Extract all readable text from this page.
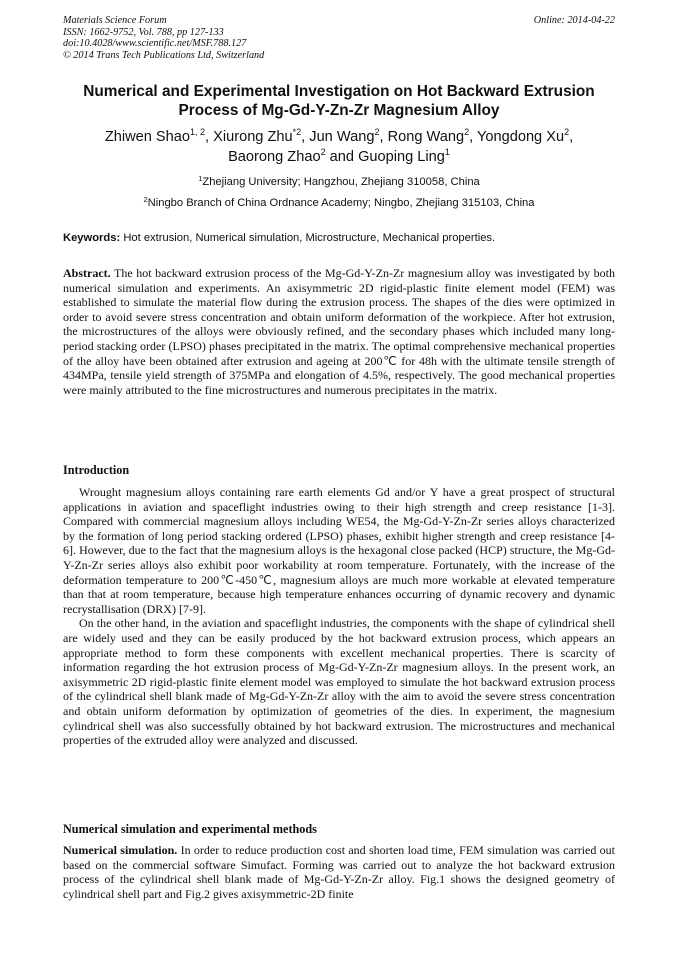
Materials Science Forum
ISSN: 1662-9752, Vol. 788, pp 127-133
doi:10.4028/www.scientific.net/MSF.788.127
© 2014 Trans Tech Publications Ltd, Switzerland
Online: 2014-04-22
Numerical and Experimental Investigation on Hot Backward Extrusion
Process of Mg-Gd-Y-Zn-Zr Magnesium Alloy
Zhiwen Shao$^{1, 2}$, Xiurong Zhu$^{*2}$, Jun Wang$^2$, Rong Wang$^2$, Yongdong Xu$^2$,
Baorong Zhao$^2$ and Guoping Ling$^1$
$^1$Zhejiang University; Hangzhou, Zhejiang 310058, China
$^2$Ningbo Branch of China Ordnance Academy; Ningbo, Zhejiang 315103, China
Keywords: Hot extrusion, Numerical simulation, Microstructure, Mechanical properties.

Abstract. The hot backward extrusion process of the Mg-Gd-Y-Zn-Zr magnesium alloy was investigated by both numerical simulation and experiments. An axisymmetric 2D rigid-plastic finite element model (FEM) was established to simulate the material flow during the extrusion process. The shapes of the dies were optimized in order to avoid severe stress concentration and obtain uniform deformation of the workpiece. After hot extrusion, the microstructures of the alloys were obviously refined, and the secondary phases which included many long-period stacking order (LPSO) phases precipitated in the matrix. The optimal comprehensive mechanical properties of the alloy have been obtained after extrusion and ageing at 200℃ for 48h with the ultimate tensile strength of 434MPa, tensile yield strength of 375MPa and elongation of 4.5%, respectively. The good mechanical properties were mainly attributed to the fine microstructures and numerous precipitates in the matrix.

Introduction

Wrought magnesium alloys containing rare earth elements Gd and/or Y have a great prospect of structural applications in aviation and spaceflight industries owing to their high strength and creep resistance [1-3]. Compared with commercial magnesium alloys including WE54, the Mg-Gd-Y-Zn-Zr series alloys characterized by the formation of long period stacking ordered (LPSO) phases, exhibit higher strength and creep resistance [4-6]. However, due to the fact that the magnesium alloys is the hexagonal close packed (HCP) structure, the Mg-Gd-Y-Zn-Zr series alloys also exhibit poor workability at room temperature. Fortunately, with the increase of the deformation temperature to 200℃-450℃, magnesium alloys are much more workable at elevated temperature than that at room temperature, because high temperature enhances occurring of dynamic recovery and dynamic recrystallisation (DRX) [7-9].

On the other hand, in the aviation and spaceflight industries, the components with the shape of cylindrical shell are widely used and they can be easily produced by the hot backward extrusion process, which appears an appropriate method to form these components with excellent mechanical properties. There is scarcity of information regarding the hot extrusion process of Mg-Gd-Y-Zn-Zr magnesium alloys. In the present work, an axisymmetric 2D rigid-plastic finite element model was employed to simulate the hot backward extrusion process of the cylindrical shell blank made of Mg-Gd-Y-Zn-Zr alloy with the aim to avoid the severe stress concentration and obtain uniform deformation by optimization of geometries of the dies. In experiment, the magnesium cylindrical shell was also successfully obtained by hot backward extrusion. The microstructures and mechanical properties of the extruded alloy were analyzed and discussed.

Numerical simulation and experimental methods

Numerical simulation. In order to reduce production cost and shorten load time, FEM simulation was carried out based on the commercial software Simufact. Forming was carried out to analyze the hot backward extrusion process of the cylindrical shell blank made of Mg-Gd-Y-Zn-Zr alloy. Fig.1 shows the designed geometry of cylindrical shell part and Fig.2 gives axisymmetric-2D finite
